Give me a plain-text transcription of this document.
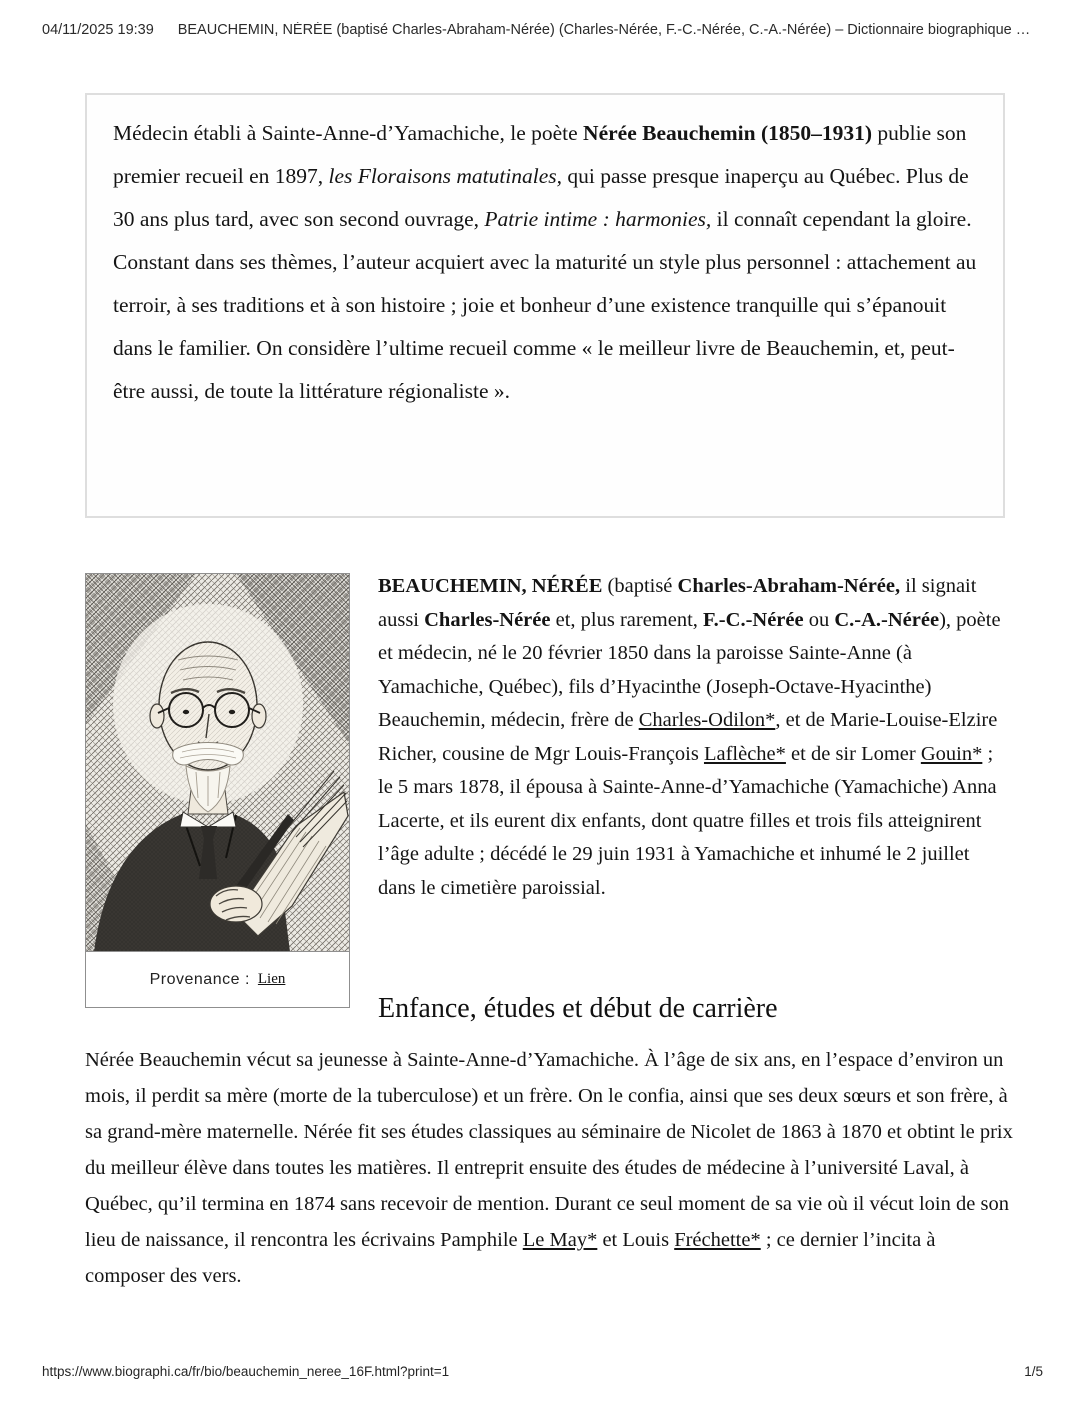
04/11/2025 19:39	BEAUCHEMIN, NÉRÉE (baptisé Charles-Abraham-Nérée) (Charles-Nérée, F.-C.-Nérée, C.-A.-Nérée) – Dictionnaire biographique …
Médecin établi à Sainte-Anne-d’Yamachiche, le poète Nérée Beauchemin (1850–1931) publie son premier recueil en 1897, les Floraisons matutinales, qui passe presque inaperçu au Québec. Plus de 30 ans plus tard, avec son second ouvrage, Patrie intime : harmonies, il connaît cependant la gloire. Constant dans ses thèmes, l’auteur acquiert avec la maturité un style plus personnel : attachement au terroir, à ses traditions et à son histoire ; joie et bonheur d’une existence tranquille qui s’épanouit dans le familier. On considère l’ultime recueil comme « le meilleur livre de Beauchemin, et, peut-être aussi, de toute la littérature régionaliste ».
Provenance : Lien
BEAUCHEMIN, NÉRÉE (baptisé Charles-Abraham-Nérée, il signait aussi Charles-Nérée et, plus rarement, F.-C.-Nérée ou C.-A.-Nérée), poète et médecin, né le 20 février 1850 dans la paroisse Sainte-Anne (à Yamachiche, Québec), fils d’Hyacinthe (Joseph-Octave-Hyacinthe) Beauchemin, médecin, frère de Charles-Odilon*, et de Marie-Louise-Elzire Richer, cousine de Mgr Louis-François Laflèche* et de sir Lomer Gouin* ; le 5 mars 1878, il épousa à Sainte-Anne-d’Yamachiche (Yamachiche) Anna Lacerte, et ils eurent dix enfants, dont quatre filles et trois fils atteignirent l’âge adulte ; décédé le 29 juin 1931 à Yamachiche et inhumé le 2 juillet dans le cimetière paroissial.
Enfance, études et début de carrière
Nérée Beauchemin vécut sa jeunesse à Sainte-Anne-d’Yamachiche. À l’âge de six ans, en l’espace d’environ un mois, il perdit sa mère (morte de la tuberculose) et un frère. On le confia, ainsi que ses deux sœurs et son frère, à sa grand-mère maternelle. Nérée fit ses études classiques au séminaire de Nicolet de 1863 à 1870 et obtint le prix du meilleur élève dans toutes les matières. Il entreprit ensuite des études de médecine à l’université Laval, à Québec, qu’il termina en 1874 sans recevoir de mention. Durant ce seul moment de sa vie où il vécut loin de son lieu de naissance, il rencontra les écrivains Pamphile Le May* et Louis Fréchette* ; ce dernier l’incita à composer des vers.
https://www.biographi.ca/fr/bio/beauchemin_neree_16F.html?print=1	1/5
